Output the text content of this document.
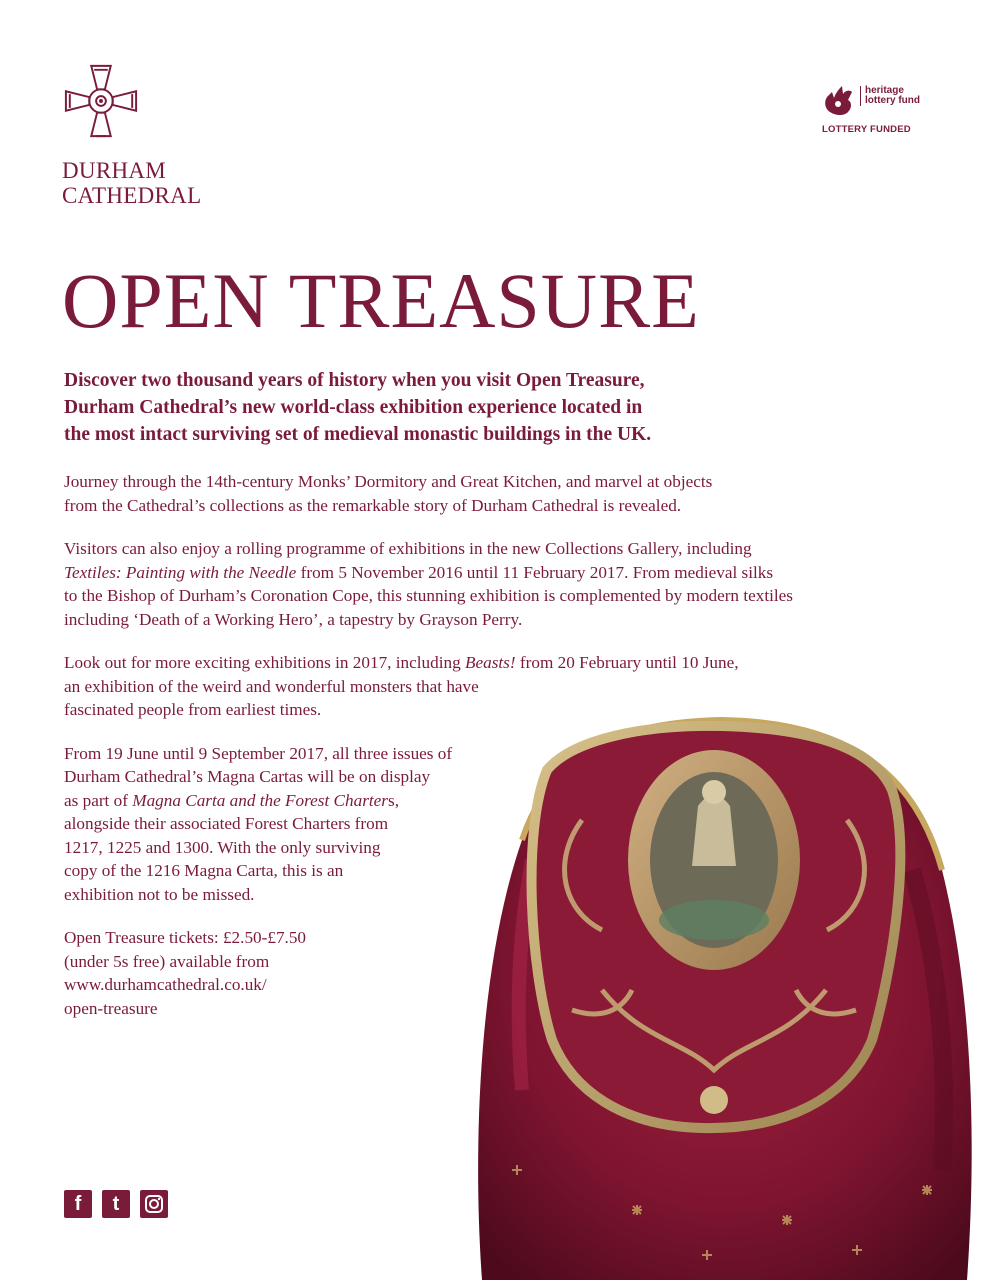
DURHAM
CATHEDRAL
heritage
lottery fund
LOTTERY FUNDED
OPEN TREASURE

Discover two thousand years of history when you visit Open Treasure,
Durham Cathedral’s new world-class exhibition experience located in
the most intact surviving set of medieval monastic buildings in the UK.

Journey through the 14th-century Monks’ Dormitory and Great Kitchen, and marvel at objects
from the Cathedral’s collections as the remarkable story of Durham Cathedral is revealed.

Visitors can also enjoy a rolling programme of exhibitions in the new Collections Gallery, including
Textiles: Painting with the Needle from 5 November 2016 until 11 February 2017. From medieval silks
to the Bishop of Durham’s Coronation Cope, this stunning exhibition is complemented by modern textiles
including ‘Death of a Working Hero’, a tapestry by Grayson Perry.

Look out for more exciting exhibitions in 2017, including Beasts! from 20 February until 10 June,
an exhibition of the weird and wonderful monsters that have
fascinated people from earliest times.

From 19 June until 9 September 2017, all three issues of
Durham Cathedral’s Magna Cartas will be on display
as part of Magna Carta and the Forest Charters,
alongside their associated Forest Charters from
1217, 1225 and 1300. With the only surviving
copy of the 1216 Magna Carta, this is an
exhibition not to be missed.

Open Treasure tickets: £2.50-£7.50
(under 5s free) available from
www.durhamcathedral.co.uk/
open-treasure

f t
